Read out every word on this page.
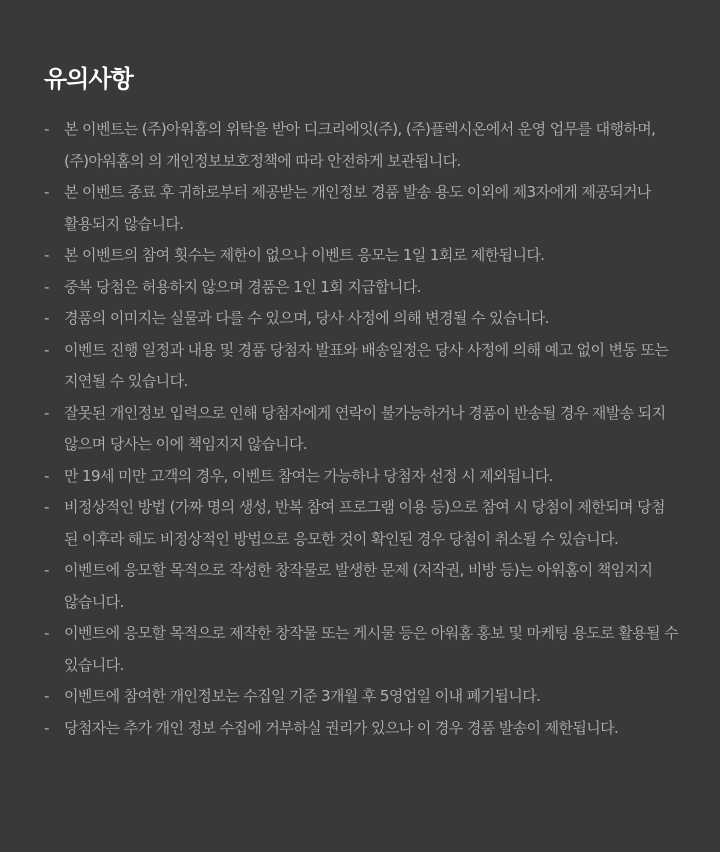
유의사항
-	본 이벤트는 (주)아워홈의 위탁을 받아 디크리에잇(주), (주)플렉시온에서 운영 업무를 대행하며, (주)아워홈의 의 개인정보보호정책에 따라 안전하게 보관됩니다.
-	본 이벤트 종료 후 귀하로부터 제공받는 개인정보 경품 발송 용도 이외에 제3자에게 제공되거나 활용되지 않습니다.
-	본 이벤트의 참여 횟수는 제한이 없으나 이벤트 응모는 1일 1회로 제한됩니다.
-	중복 당첨은 허용하지 않으며 경품은 1인 1회 지급합니다.
-	경품의 이미지는 실물과 다를 수 있으며, 당사 사정에 의해 변경될 수 있습니다.
-	이벤트 진행 일정과 내용 및 경품 당첨자 발표와 배송일정은 당사 사정에 의해 예고 없이 변동 또는 지연될 수 있습니다.
-	잘못된 개인정보 입력으로 인해 당첨자에게 연락이 불가능하거나 경품이 반송될 경우 재발송 되지 않으며 당사는 이에 책임지지 않습니다.
-	만 19세 미만 고객의 경우, 이벤트 참여는 가능하나 당첨자 선정 시 제외됩니다.
-	비정상적인 방법 (가짜 명의 생성, 반복 참여 프로그램 이용 등)으로 참여 시 당첨이 제한되며 당첨 된 이후라 해도 비정상적인 방법으로 응모한 것이 확인된 경우 당첨이 취소될 수 있습니다.
-	이벤트에 응모할 목적으로 작성한 창작물로 발생한 문제 (저작권, 비방 등)는 아워홈이 책임지지 않습니다.
-	이벤트에 응모할 목적으로 제작한 창작물 또는 게시물 등은 아워홈 홍보 및 마케팅 용도로 활용될 수 있습니다.
-	이벤트에 참여한 개인정보는 수집일 기준 3개월 후 5영업일 이내 폐기됩니다.
-	당첨자는 추가 개인 정보 수집에 거부하실 권리가 있으나 이 경우 경품 발송이 제한됩니다.
